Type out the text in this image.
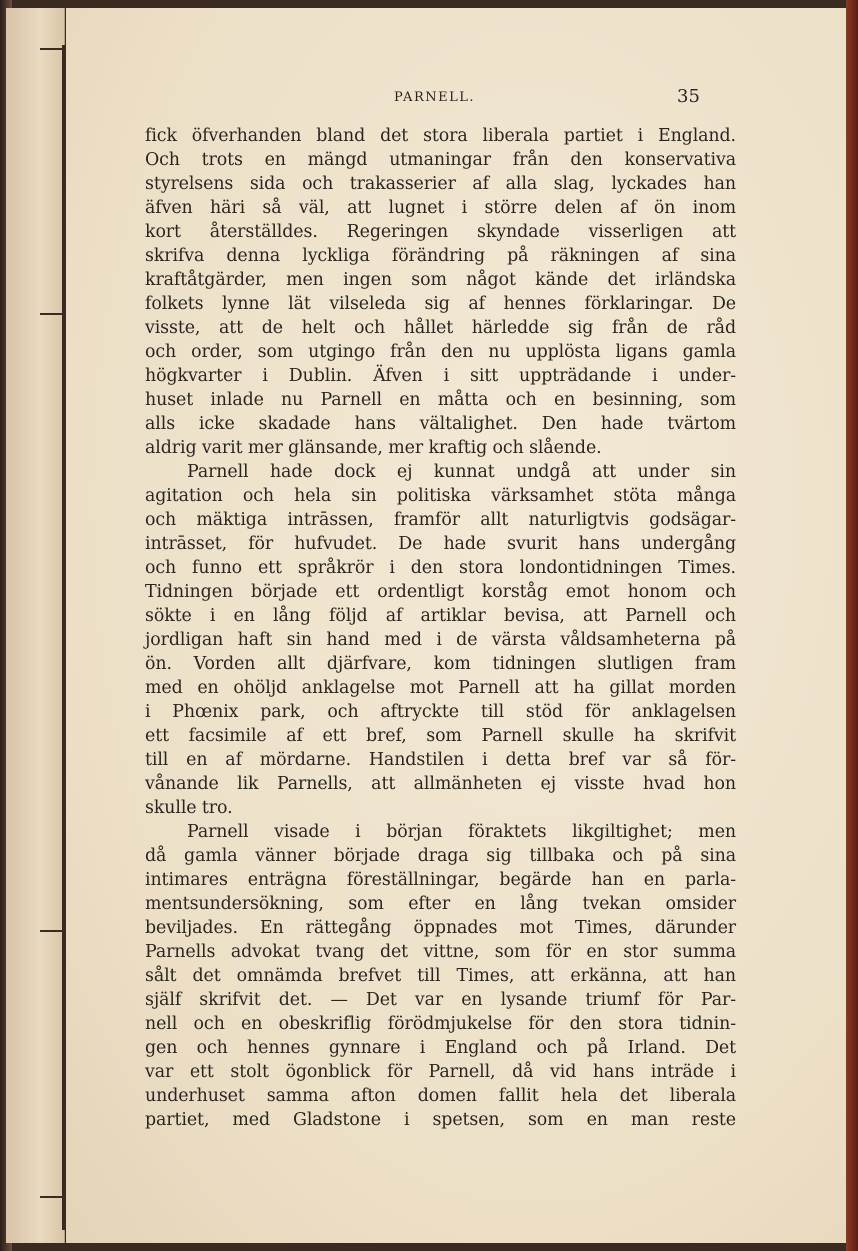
PARNELL.	35
fick öfverhanden bland det stora liberala partiet i England.
Och trots en mängd utmaningar från den konservativa
styrelsens sida och trakasserier af alla slag, lyckades han
äfven häri så väl, att lugnet i större delen af ön inom
kort återställdes. Regeringen skyndade visserligen att
skrifva denna lyckliga förändring på räkningen af sina
kraftåtgärder, men ingen som något kände det irländska
folkets lynne lät vilseleda sig af hennes förklaringar. De
visste, att de helt och hållet härledde sig från de råd
och order, som utgingo från den nu upplösta ligans gamla
högkvarter i Dublin. Äfven i sitt uppträdande i under-
huset inlade nu Parnell en måtta och en besinning, som
alls icke skadade hans vältalighet. Den hade tvärtom
aldrig varit mer glänsande, mer kraftig och slående.
Parnell hade dock ej kunnat undgå att under sin
agitation och hela sin politiska värksamhet stöta många
och mäktiga intrāssen, framför allt naturligtvis godsägar-
intrāsset, för hufvudet. De hade svurit hans undergång
och funno ett språkrör i den stora londontidningen Times.
Tidningen började ett ordentligt korståg emot honom och
sökte i en lång följd af artiklar bevisa, att Parnell och
jordligan haft sin hand med i de värsta våldsamheterna på
ön. Vorden allt djärfvare, kom tidningen slutligen fram
med en ohöljd anklagelse mot Parnell att ha gillat morden
i Phœnix park, och aftryckte till stöd för anklagelsen
ett facsimile af ett bref, som Parnell skulle ha skrifvit
till en af mördarne. Handstilen i detta bref var så för-
vånande lik Parnells, att allmänheten ej visste hvad hon
skulle tro.
Parnell visade i början föraktets likgiltighet; men
då gamla vänner började draga sig tillbaka och på sina
intimares enträgna föreställningar, begärde han en parla-
mentsundersökning, som efter en lång tvekan omsider
beviljades. En rättegång öppnades mot Times, därunder
Parnells advokat tvang det vittne, som för en stor summa
sålt det omnämda brefvet till Times, att erkänna, att han
själf skrifvit det. — Det var en lysande triumf för Par-
nell och en obeskriflig förödmjukelse för den stora tidnin-
gen och hennes gynnare i England och på Irland. Det
var ett stolt ögonblick för Parnell, då vid hans inträde i
underhuset samma afton domen fallit hela det liberala
partiet, med Gladstone i spetsen, som en man reste
